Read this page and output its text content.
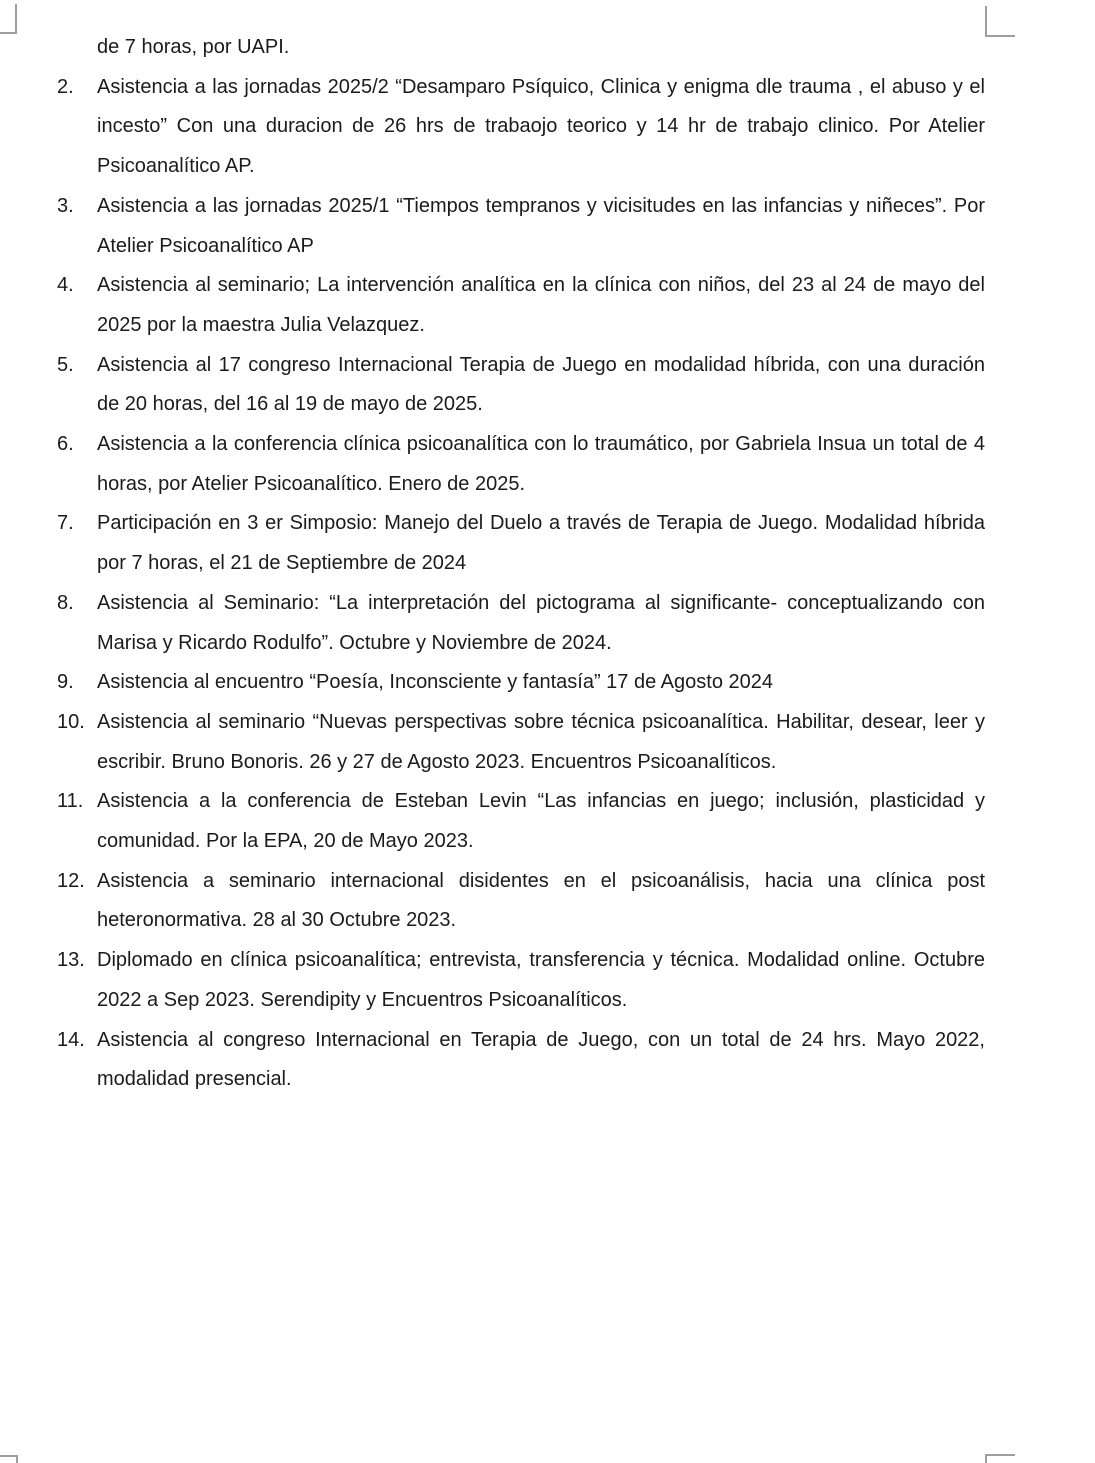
de 7 horas, por UAPI.

2.	Asistencia a las jornadas 2025/2 “Desamparo Psíquico, Clinica y enigma dle trauma , el abuso y el incesto” Con una duracion de 26 hrs de trabaojo teorico y 14 hr de trabajo clinico. Por Atelier Psicoanalítico AP.
3.	Asistencia a las jornadas 2025/1 “Tiempos tempranos y vicisitudes en las infancias y niñeces”. Por Atelier Psicoanalítico AP
4.	Asistencia al seminario; La intervención analítica en la clínica con niños, del 23 al 24 de mayo del 2025 por la maestra Julia Velazquez.
5.	Asistencia al 17 congreso Internacional Terapia de Juego en modalidad híbrida, con una duración de 20 horas, del 16 al 19 de mayo de 2025.
6.	Asistencia a la conferencia clínica psicoanalítica con lo traumático, por Gabriela Insua un total de 4 horas, por Atelier Psicoanalítico. Enero de 2025.
7.	Participación en 3 er Simposio: Manejo del Duelo a través de Terapia de Juego. Modalidad híbrida por 7 horas, el 21 de Septiembre de 2024
8.	Asistencia al Seminario: “La interpretación del pictograma al significante- conceptualizando con Marisa y Ricardo Rodulfo”. Octubre y Noviembre de 2024.
9.	Asistencia al encuentro “Poesía, Inconsciente y fantasía” 17 de Agosto 2024
10. Asistencia al seminario “Nuevas perspectivas sobre técnica psicoanalítica. Habilitar, desear, leer y escribir. Bruno Bonoris. 26 y 27 de Agosto 2023. Encuentros Psicoanalíticos.
11. Asistencia a la conferencia de Esteban Levin “Las infancias en juego; inclusión, plasticidad y comunidad. Por la EPA, 20 de Mayo 2023.
12. Asistencia a seminario internacional disidentes en el psicoanálisis, hacia una clínica post heteronormativa. 28 al 30 Octubre 2023.
13. Diplomado en clínica psicoanalítica; entrevista, transferencia y técnica. Modalidad online. Octubre 2022 a Sep 2023. Serendipity y Encuentros Psicoanalíticos.
14. Asistencia al congreso Internacional en Terapia de Juego, con un total de 24 hrs. Mayo 2022, modalidad presencial.
